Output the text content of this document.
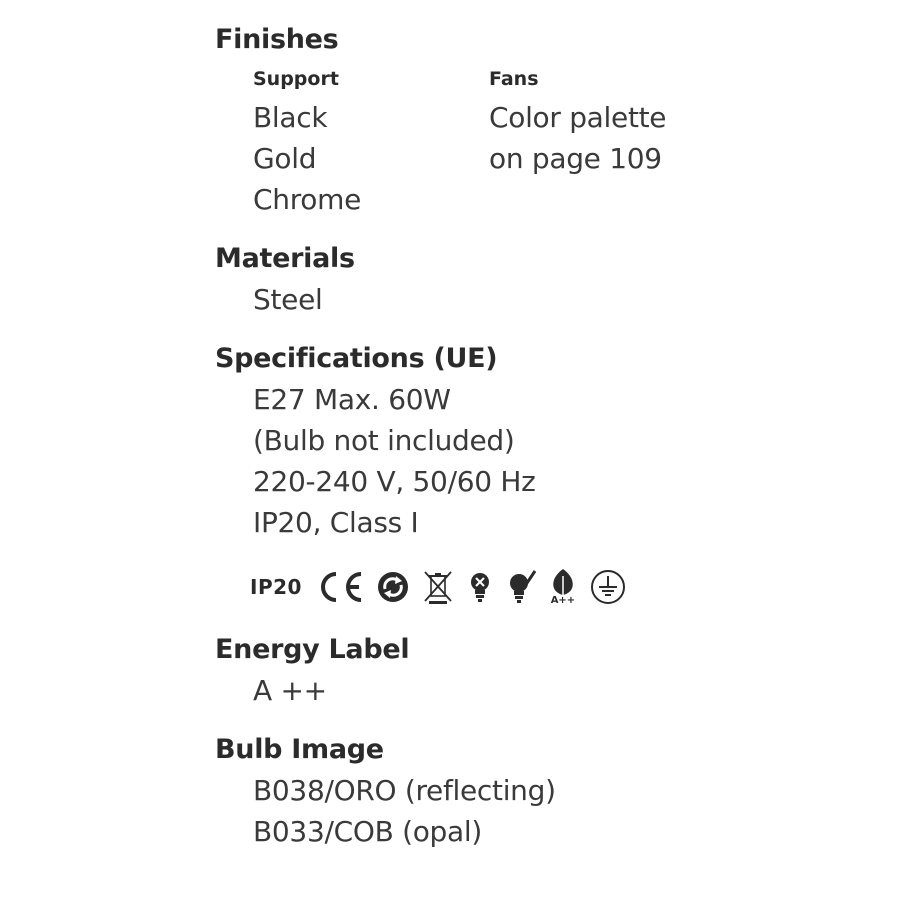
Finishes
Support	Fans
Black
Gold
Chrome
Color palette
on page 109
Materials
Steel
Specifications (UE)
E27 Max. 60W
(Bulb not included)
220-240 V, 50/60 Hz
IP20, Class I
IP20
A++
Energy Label
A ++
Bulb Image
B038/ORO (reflecting)
B033/COB (opal)
